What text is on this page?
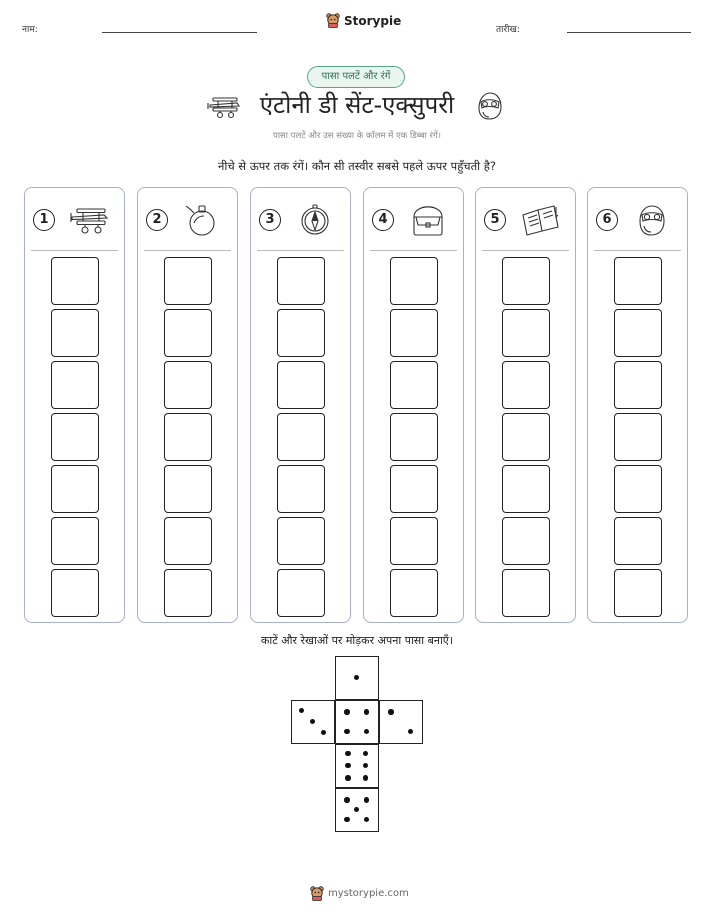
नाम:
Storypie
तारीख:
पासा पलटें और रंगें
एंटोनी डी सेंट-एक्सुपरी
पासा पलटें और उस संख्या के कॉलम में एक डिब्बा रंगें।
नीचे से ऊपर तक रंगें। कौन सी तस्वीर सबसे पहले ऊपर पहुँचती है?
1	2	3	4	5	6
काटें और रेखाओं पर मोड़कर अपना पासा बनाएँ।
mystorypie.com
